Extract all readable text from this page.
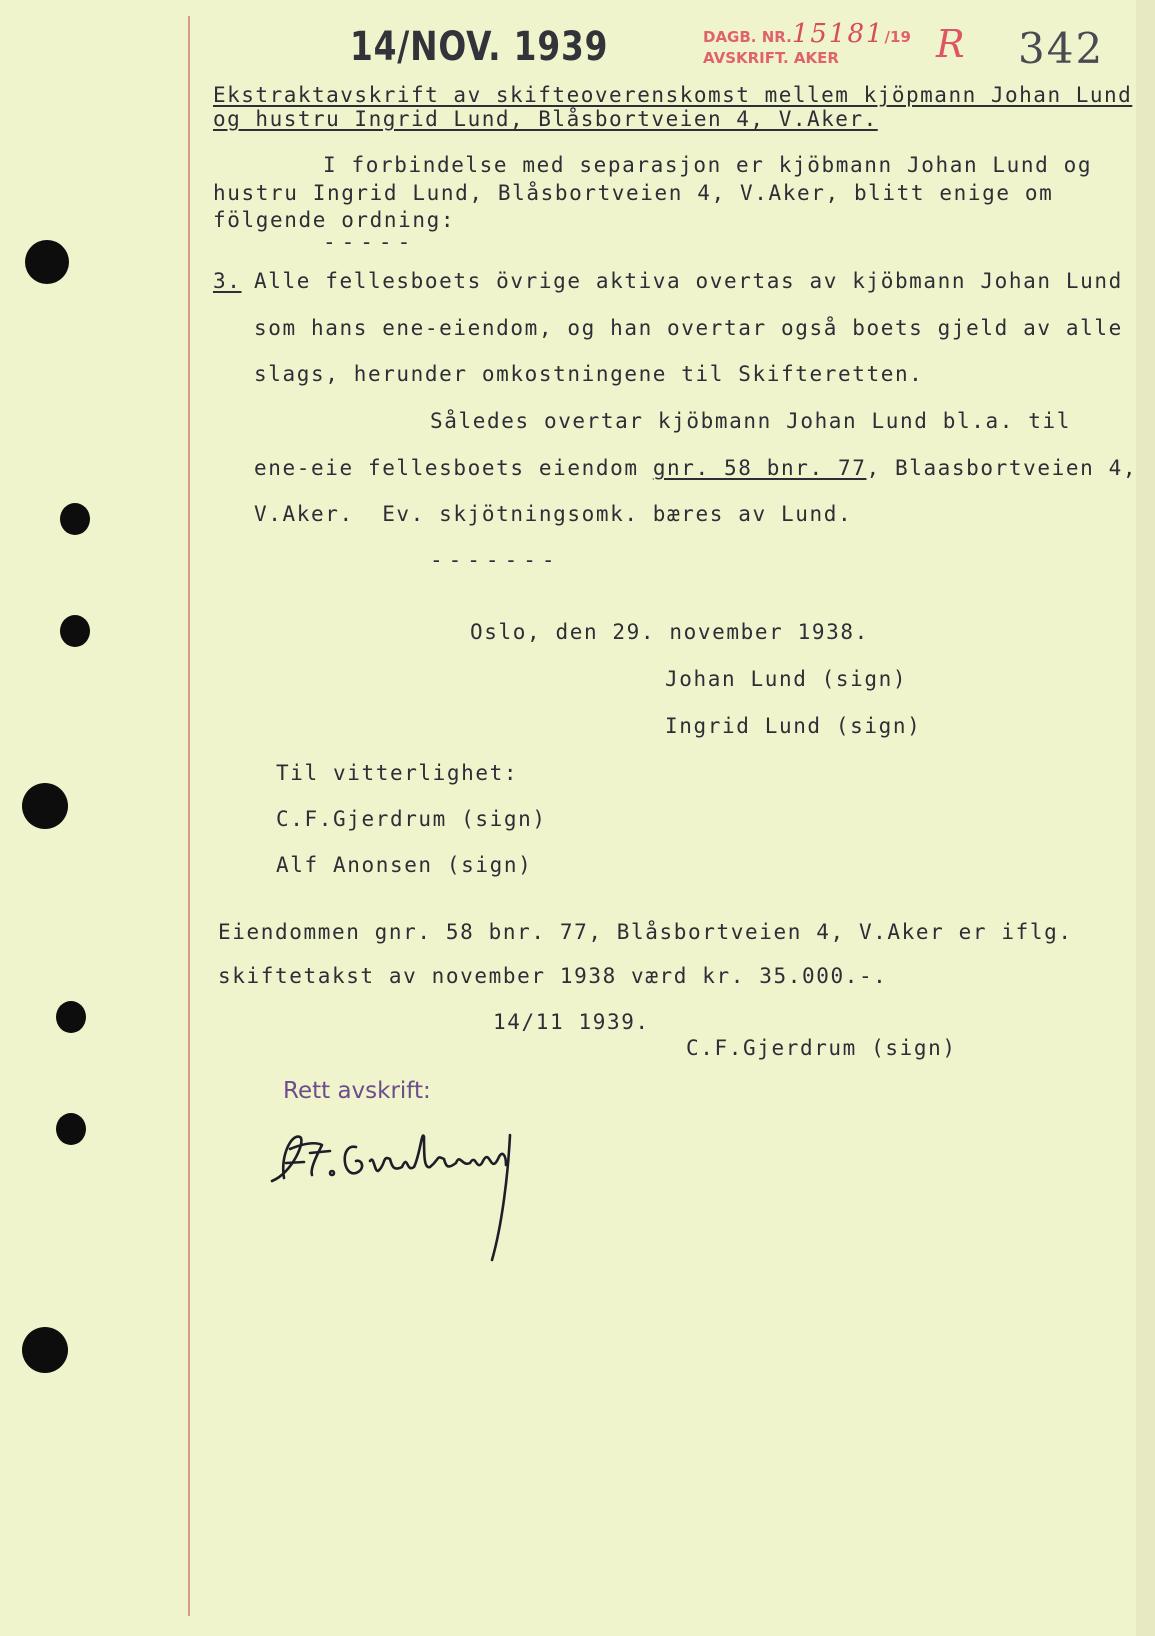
14/NOV. 1939	DAGB. NR.15181/19
AVSKRIFT. AKER	R 342
Ekstraktavskrift av skifteoverenskomst mellem kjöpmann Johan Lund
og hustru Ingrid Lund, Blåsbortveien 4, V.Aker.
I forbindelse med separasjon er kjöbmann Johan Lund og
hustru Ingrid Lund, Blåsbortveien 4, V.Aker, blitt enige om
fölgende ordning:
-----
3. Alle fellesboets övrige aktiva overtas av kjöbmann Johan Lund
som hans ene-eiendom, og han overtar også boets gjeld av alle
slags, herunder omkostningene til Skifteretten.
Således overtar kjöbmann Johan Lund bl.a. til
ene-eie fellesboets eiendom gnr. 58 bnr. 77, Blaasbortveien 4,
V.Aker.  Ev. skjötningsomk. bæres av Lund.
-------
Oslo, den 29. november 1938.
Johan Lund (sign)
Ingrid Lund (sign)
Til vitterlighet:
C.F.Gjerdrum (sign)
Alf Anonsen (sign)
Eiendommen gnr. 58 bnr. 77, Blåsbortveien 4, V.Aker er iflg.
skiftetakst av november 1938 værd kr. 35.000.-.
14/11 1939.
C.F.Gjerdrum (sign)
Rett avskrift:
